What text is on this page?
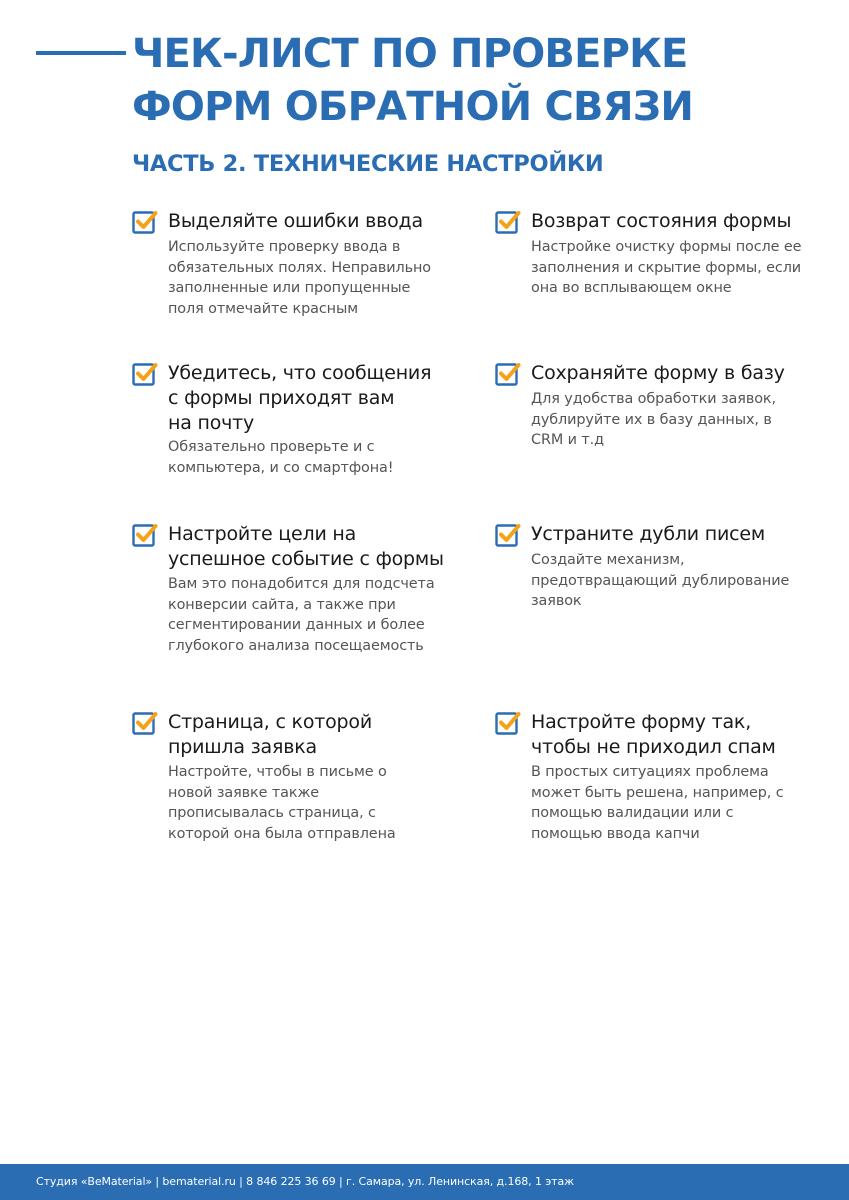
ЧЕК-ЛИСТ ПО ПРОВЕРКЕ
ФОРМ ОБРАТНОЙ СВЯЗИ
ЧАСТЬ 2. ТЕХНИЧЕСКИЕ НАСТРОЙКИ
Выделяйте ошибки ввода
Используйте проверку ввода в
обязательных полях. Неправильно
заполненные или пропущенные
поля отмечайте красным
Возврат состояния формы
Настройке очистку формы после ее
заполнения и скрытие формы, если
она во всплывающем окне
Убедитесь, что сообщения
с формы приходят вам
на почту
Обязательно проверьте и с
компьютера, и со смартфона!
Сохраняйте форму в базу
Для удобства обработки заявок,
дублируйте их в базу данных, в
CRM и т.д
Настройте цели на
успешное событие с формы
Вам это понадобится для подсчета
конверсии сайта, а также при
сегментировании данных и более
глубокого анализа посещаемость
Устраните дубли писем
Создайте механизм,
предотвращающий дублирование
заявок
Страница, с которой
пришла заявка
Настройте, чтобы в письме о
новой заявке также
прописывалась страница, с
которой она была отправлена
Настройте форму так,
чтобы не приходил спам
В простых ситуациях проблема
может быть решена, например, с
помощью валидации или с
помощью ввода капчи
Студия «BeMaterial» | bematerial.ru | 8 846 225 36 69 | г. Самара, ул. Ленинская, д.168, 1 этаж
